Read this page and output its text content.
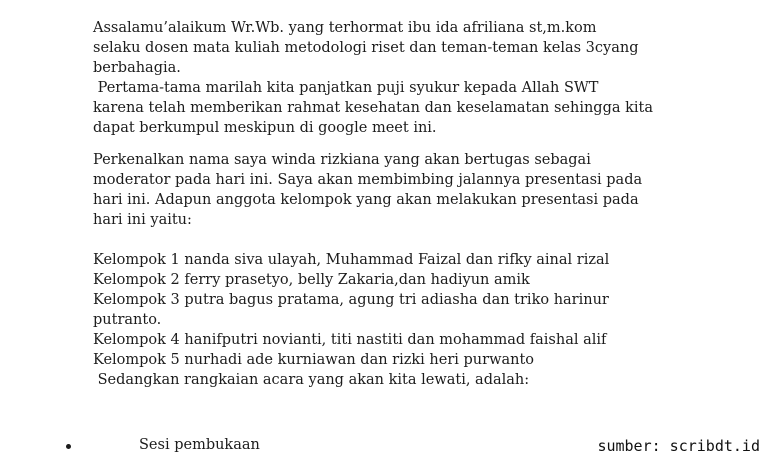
Assalamu’alaikum Wr.Wb. yang terhormat ibu ida afriliana st,m.kom
selaku dosen mata kuliah metodologi riset dan teman-teman kelas 3cyang
berbahagia.
Pertama-tama marilah kita panjatkan puji syukur kepada Allah SWT
karena telah memberikan rahmat kesehatan dan keselamatan sehingga kita
dapat berkumpul meskipun di google meet ini.
Perkenalkan nama saya winda rizkiana yang akan bertugas sebagai
moderator pada hari ini. Saya akan membimbing jalannya presentasi pada
hari ini. Adapun anggota kelompok yang akan melakukan presentasi pada
hari ini yaitu:
Kelompok 1 nanda siva ulayah, Muhammad Faizal dan rifky ainal rizal
Kelompok 2 ferry prasetyo, belly Zakaria,dan hadiyun amik
Kelompok 3 putra bagus pratama, agung tri adiasha dan triko harinur
putranto.
Kelompok 4 hanifputri novianti, titi nastiti dan mohammad faishal alif
Kelompok 5 nurhadi ade kurniawan dan rizki heri purwanto
Sedangkan rangkaian acara yang akan kita lewati, adalah:
Sesi pembukaan	sumber: scribdt.id
